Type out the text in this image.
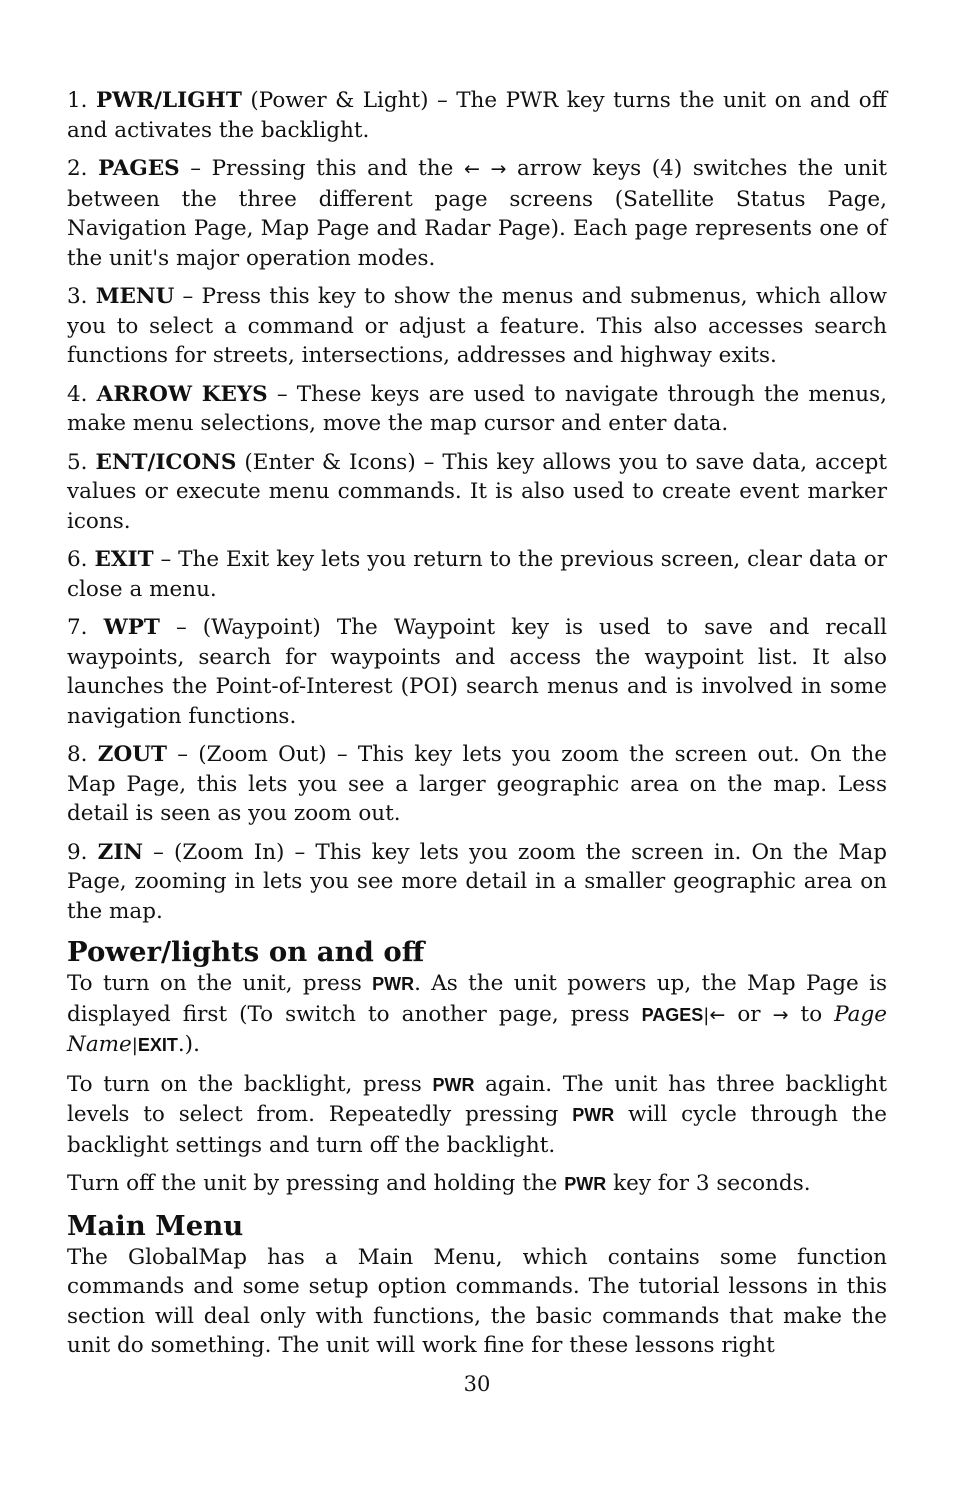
1. PWR/LIGHT (Power & Light) – The PWR key turns the unit on and off and activates the backlight.

2. PAGES – Pressing this and the ← → arrow keys (4) switches the unit between the three different page screens (Satellite Status Page, Navigation Page, Map Page and Radar Page). Each page represents one of the unit's major operation modes.

3. MENU – Press this key to show the menus and submenus, which allow you to select a command or adjust a feature. This also accesses search functions for streets, intersections, addresses and highway exits.

4. ARROW KEYS – These keys are used to navigate through the menus, make menu selections, move the map cursor and enter data.

5. ENT/ICONS (Enter & Icons) – This key allows you to save data, accept values or execute menu commands. It is also used to create event marker icons.

6. EXIT – The Exit key lets you return to the previous screen, clear data or close a menu.

7. WPT – (Waypoint) The Waypoint key is used to save and recall waypoints, search for waypoints and access the waypoint list. It also launches the Point-of-Interest (POI) search menus and is involved in some navigation functions.

8. ZOUT – (Zoom Out) – This key lets you zoom the screen out. On the Map Page, this lets you see a larger geographic area on the map. Less detail is seen as you zoom out.

9. ZIN – (Zoom In) – This key lets you zoom the screen in. On the Map Page, zooming in lets you see more detail in a smaller geographic area on the map.

Power/lights on and off

To turn on the unit, press PWR. As the unit powers up, the Map Page is displayed first (To switch to another page, press PAGES|← or → to Page Name|EXIT.).

To turn on the backlight, press PWR again. The unit has three backlight levels to select from. Repeatedly pressing PWR will cycle through the backlight settings and turn off the backlight.

Turn off the unit by pressing and holding the PWR key for 3 seconds.

Main Menu

The GlobalMap has a Main Menu, which contains some function commands and some setup option commands. The tutorial lessons in this section will deal only with functions, the basic commands that make the unit do something. The unit will work fine for these lessons right

30
